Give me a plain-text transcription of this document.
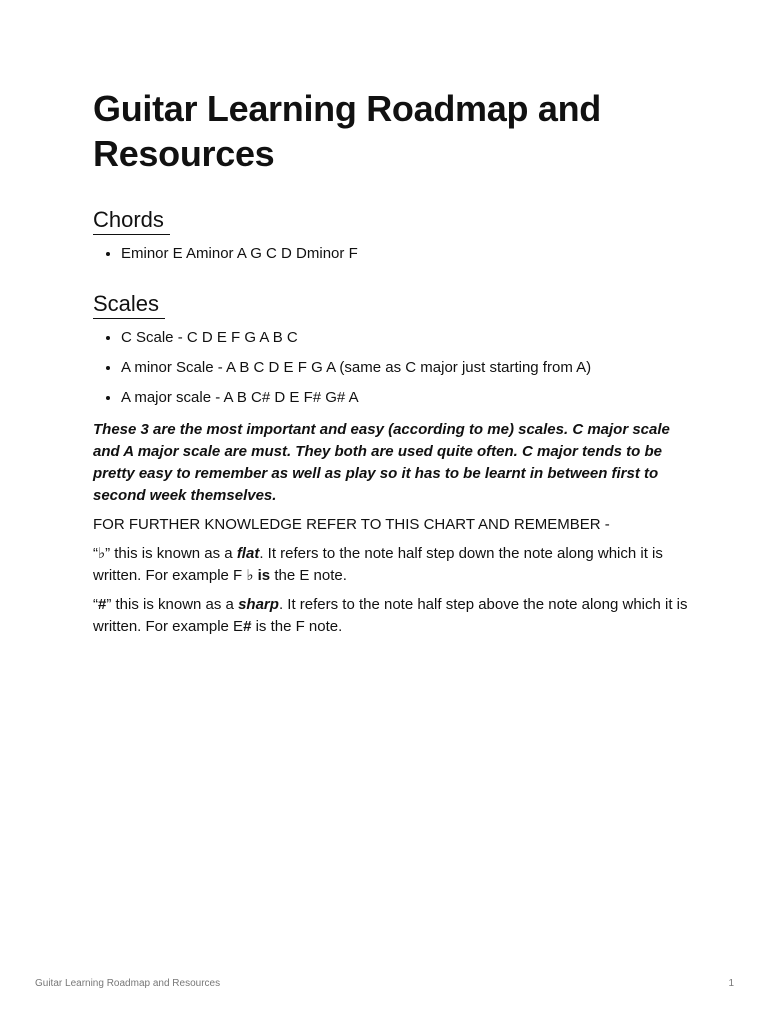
Guitar Learning Roadmap and Resources
Chords
• Eminor E Aminor A G C D Dminor F
Scales
• C Scale - C D E F G A B C
• A minor Scale - A B C D E F G A (same as C major just starting from A)
• A major scale - A B C# D E F# G# A

These 3 are the most important and easy (according to me) scales. C major scale and A major scale are must. They both are used quite often. C major tends to be pretty easy to remember as well as play so it has to be learnt in between first to second week themselves.

FOR FURTHER KNOWLEDGE REFER TO THIS CHART AND REMEMBER -

“♭” this is known as a flat. It refers to the note half step down the note along which it is written. For example F ♭ is the E note.

“#” this is known as a sharp. It refers to the note half step above the note along which it is written. For example E# is the F note.

Guitar Learning Roadmap and Resources	1
